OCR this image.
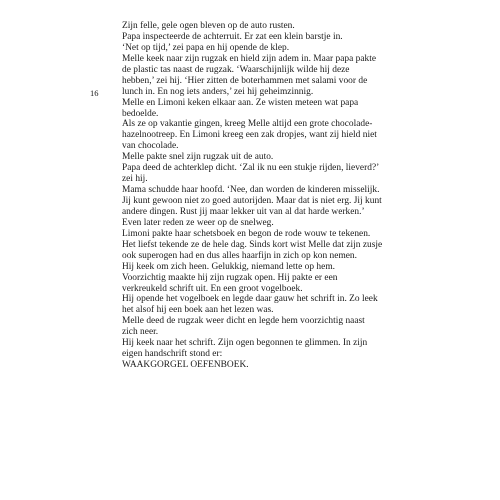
16
Zijn felle, gele ogen bleven op de auto rusten.
Papa inspecteerde de achterruit. Er zat een klein barstje in.
‘Net op tijd,’ zei papa en hij opende de klep.
Melle keek naar zijn rugzak en hield zijn adem in. Maar papa pakte
de plastic tas naast de rugzak. ‘Waarschijnlijk wilde hij deze
hebben,’ zei hij. ‘Hier zitten de boterhammen met salami voor de
lunch in. En nog iets anders,’ zei hij geheimzinnig.
Melle en Limoni keken elkaar aan. Ze wisten meteen wat papa
bedoelde.
Als ze op vakantie gingen, kreeg Melle altijd een grote chocolade-
hazelnootreep. En Limoni kreeg een zak dropjes, want zij hield niet
van chocolade.
Melle pakte snel zijn rugzak uit de auto.
Papa deed de achterklep dicht. ‘Zal ik nu een stukje rijden, lieverd?’
zei hij.
Mama schudde haar hoofd. ‘Nee, dan worden de kinderen misselijk.
Jij kunt gewoon niet zo goed autorijden. Maar dat is niet erg. Jij kunt
andere dingen. Rust jij maar lekker uit van al dat harde werken.’
Even later reden ze weer op de snelweg.
Limoni pakte haar schetsboek en begon de rode wouw te tekenen.
Het liefst tekende ze de hele dag. Sinds kort wist Melle dat zijn zusje
ook superogen had en dus alles haarfijn in zich op kon nemen.
Hij keek om zich heen. Gelukkig, niemand lette op hem.
Voorzichtig maakte hij zijn rugzak open. Hij pakte er een
verkreukeld schrift uit. En een groot vogelboek.
Hij opende het vogelboek en legde daar gauw het schrift in. Zo leek
het alsof hij een boek aan het lezen was.
Melle deed de rugzak weer dicht en legde hem voorzichtig naast
zich neer.
Hij keek naar het schrift. Zijn ogen begonnen te glimmen. In zijn
eigen handschrift stond er:
WAAKGORGEL OEFENBOEK.
